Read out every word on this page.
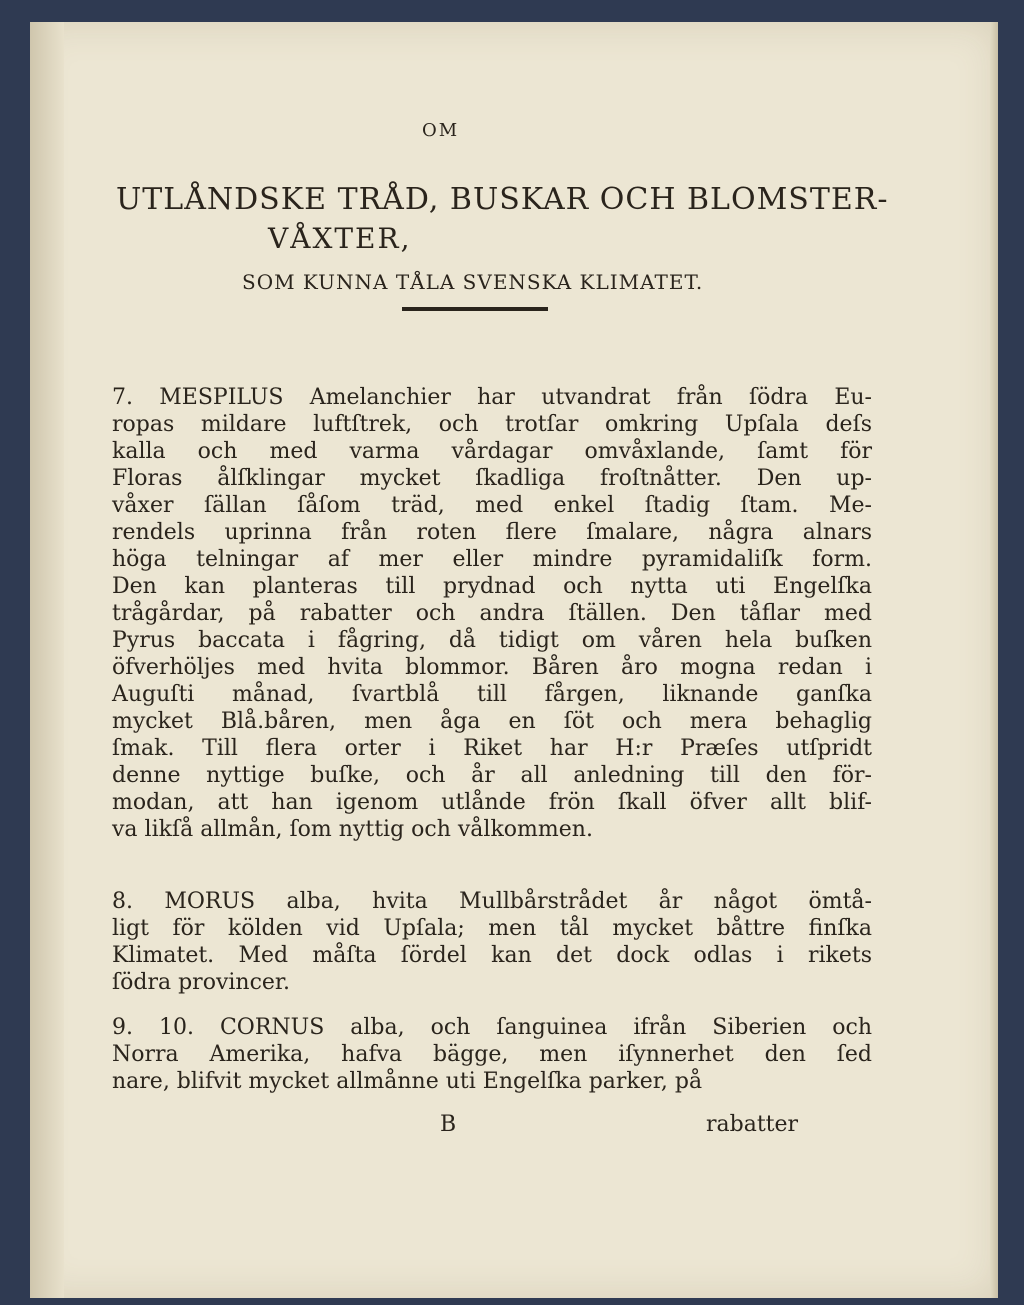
OM
UTLÅNDSKE TRÅD, BUSKAR OCH BLOMSTER-
VÅXTER,
SOM KUNNA TÅLA SVENSKA KLIMATET.
7. MESPILUS Amelanchier har utvandrat från ſödra Eu-
ropas mildare luftſtrek, och trotſar omkring Upſala deſs
kalla och med varma vårdagar omvåxlande, ſamt för
Floras ålſklingar mycket ſkadliga froſtnåtter. Den up-
våxer ſällan ſåſom träd, med enkel ſtadig ſtam. Me-
rendels uprinna från roten flere ſmalare, några alnars
höga telningar af mer eller mindre pyramidaliſk form.
Den kan planteras till prydnad och nytta uti Engelſka
trågårdar, på rabatter och andra ſtällen. Den tåflar med
Pyrus baccata i fågring, då tidigt om våren hela buſken
öfverhöljes med hvita blommor. Båren åro mogna redan i
Auguſti månad, ſvartblå till fårgen, liknande ganſka
mycket Blå.båren, men åga en ſöt och mera behaglig
ſmak. Till flera orter i Riket har H:r Præſes utſpridt
denne nyttige buſke, och år all anledning till den för-
modan, att han igenom utlånde frön ſkall öfver allt blif-
va likſå allmån, ſom nyttig och vålkommen.
8. MORUS alba, hvita Mullbårstrådet år något ömtå-
ligt för kölden vid Upſala; men tål mycket båttre finſka
Klimatet. Med måſta ſördel kan det dock odlas i rikets
ſödra provincer.
9. 10. CORNUS alba, och ſanguinea ifrån Siberien och
Norra Amerika, hafva bägge, men iſynnerhet den ſed
nare, blifvit mycket allmånne uti Engelſka parker, på
B	rabatter
